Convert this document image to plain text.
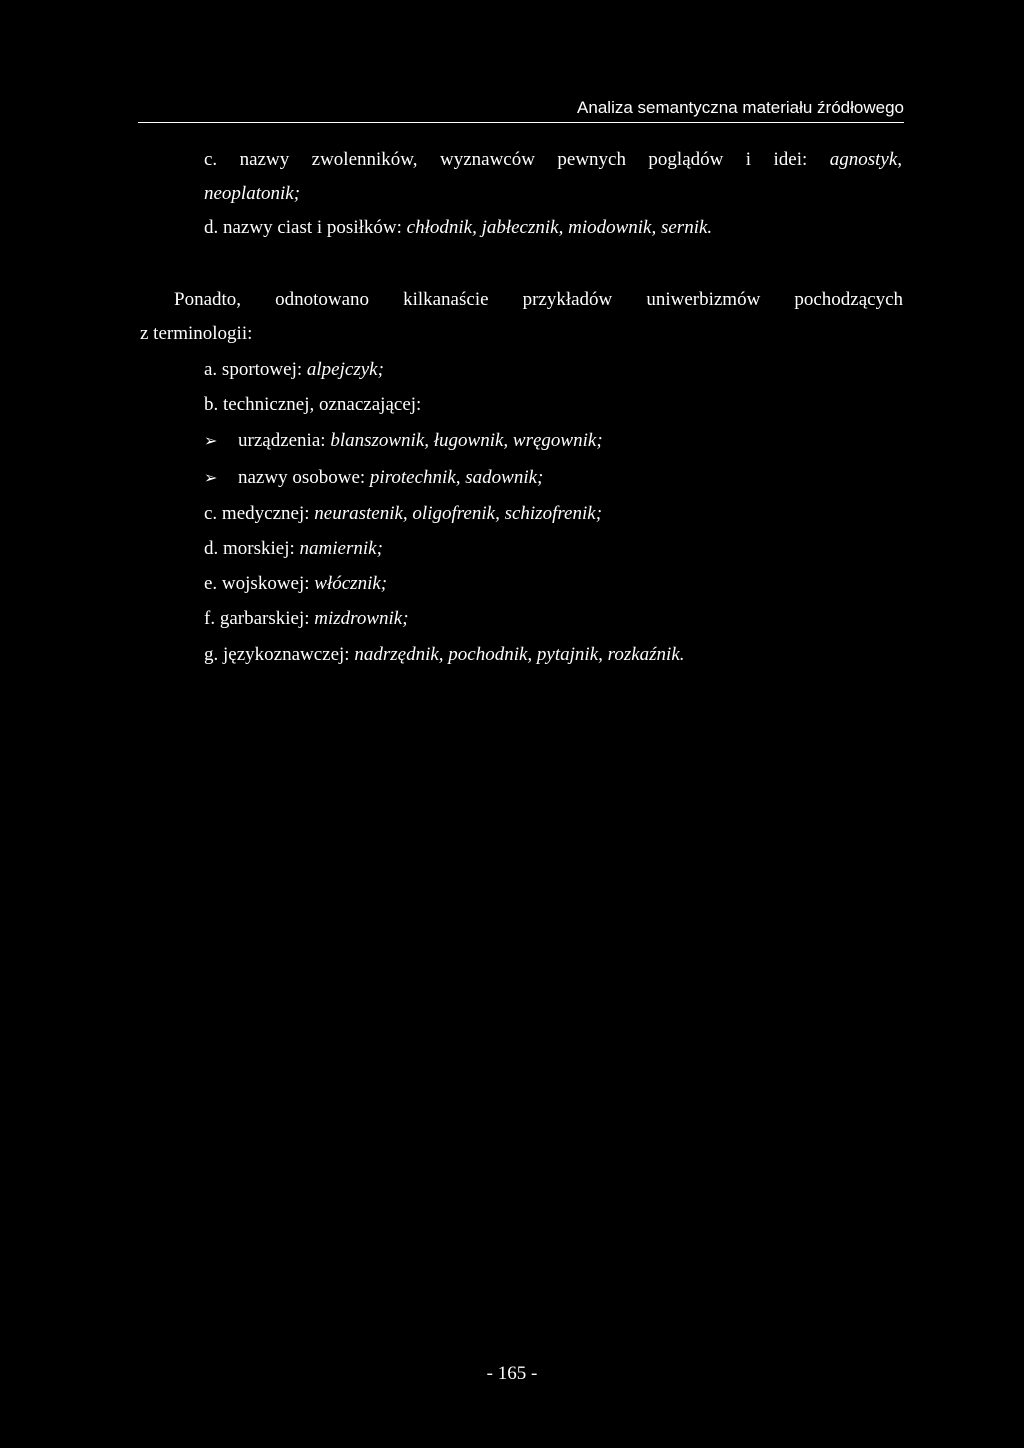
Analiza semantyczna materiału źródłowego
c. nazwy zwolenników, wyznawców pewnych poglądów i idei: agnostyk,
neoplatonik;
d. nazwy ciast i posiłków: chłodnik, jabłecznik, miodownik, sernik.
Ponadto, odnotowano kilkanaście przykładów uniwerbizmów pochodzących
z terminologii:
a. sportowej: alpejczyk;
b. technicznej, oznaczającej:
➢ urządzenia: blanszownik, ługownik, wręgownik;
➢ nazwy osobowe: pirotechnik, sadownik;
c. medycznej: neurastenik, oligofrenik, schizofrenik;
d. morskiej: namiernik;
e. wojskowej: włócznik;
f. garbarskiej: mizdrownik;
g. językoznawczej: nadrzędnik, pochodnik, pytajnik, rozkaźnik.
- 165 -
